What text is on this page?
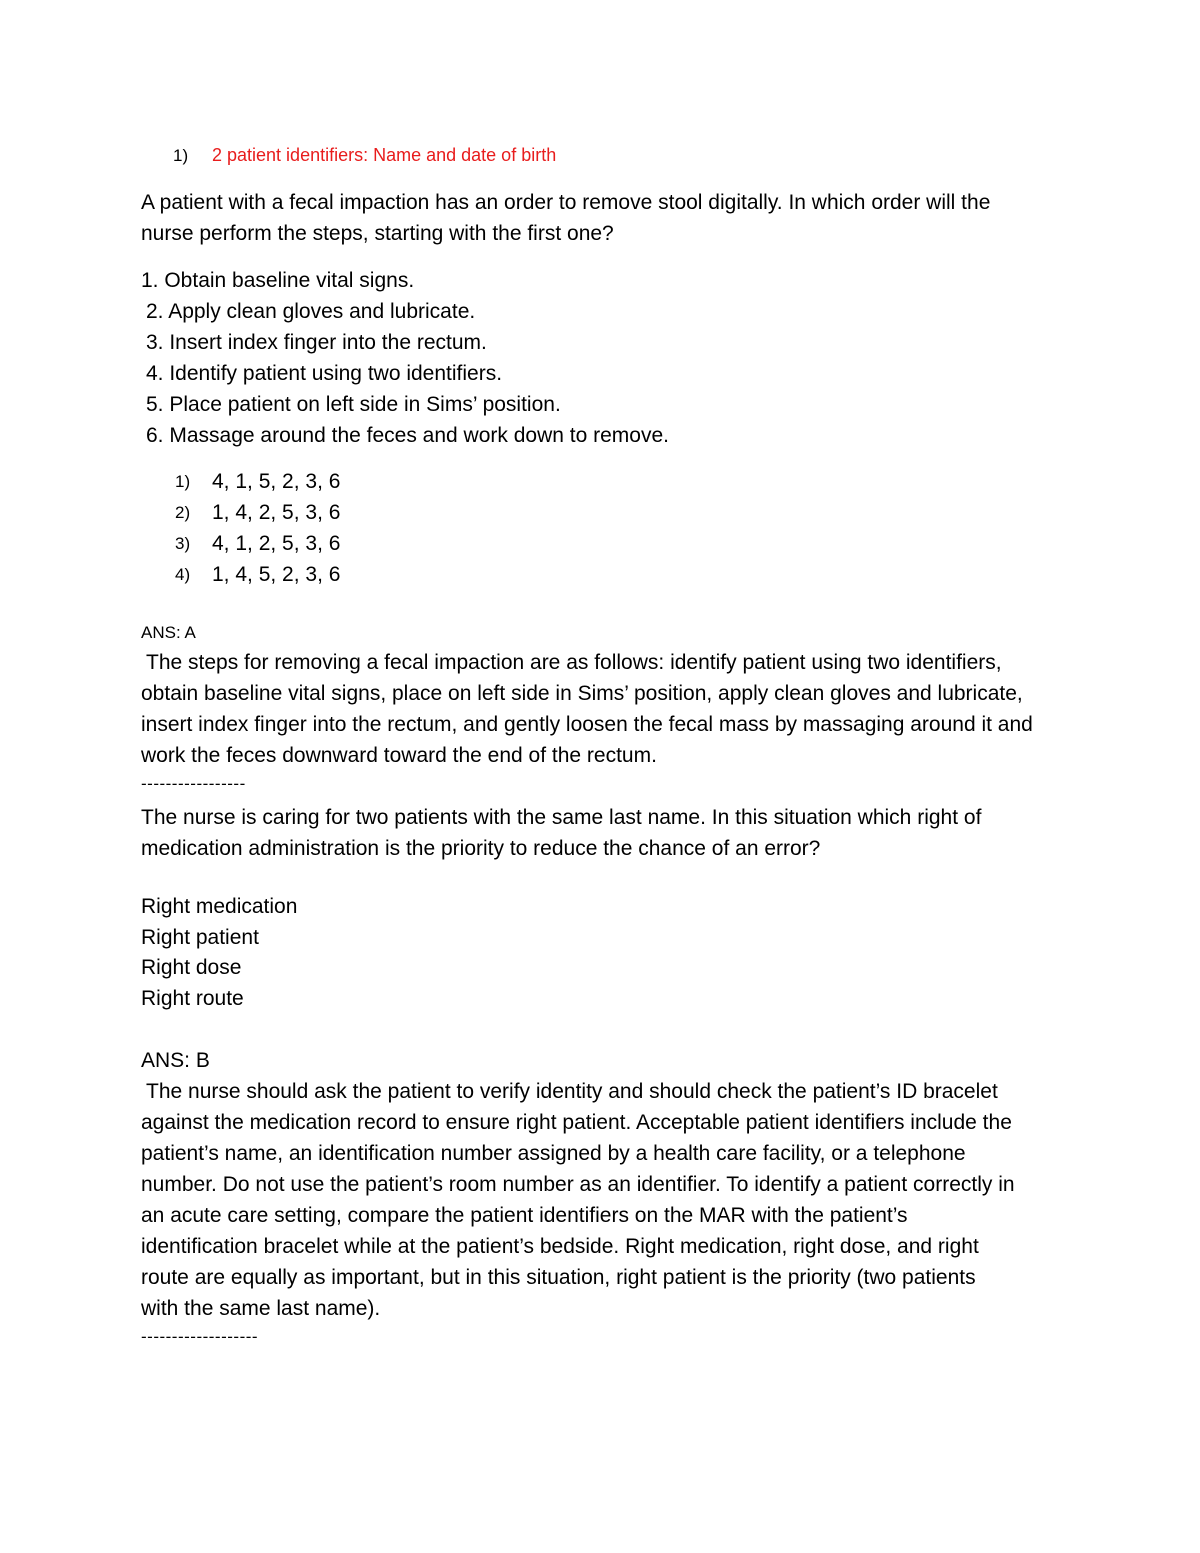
1) 2 patient identifiers: Name and date of birth
A patient with a fecal impaction has an order to remove stool digitally. In which order will the
nurse perform the steps, starting with the first one?
1. Obtain baseline vital signs.
2. Apply clean gloves and lubricate.
3. Insert index finger into the rectum.
4. Identify patient using two identifiers.
5. Place patient on left side in Sims’ position.
6. Massage around the feces and work down to remove.
1) 4, 1, 5, 2, 3, 6
2) 1, 4, 2, 5, 3, 6
3) 4, 1, 2, 5, 3, 6
4) 1, 4, 5, 2, 3, 6
ANS: A
The steps for removing a fecal impaction are as follows: identify patient using two identifiers,
obtain baseline vital signs, place on left side in Sims’ position, apply clean gloves and lubricate,
insert index finger into the rectum, and gently loosen the fecal mass by massaging around it and
work the feces downward toward the end of the rectum.
-----------------
The nurse is caring for two patients with the same last name. In this situation which right of
medication administration is the priority to reduce the chance of an error?
Right medication
Right patient
Right dose
Right route
ANS: B
The nurse should ask the patient to verify identity and should check the patient’s ID bracelet
against the medication record to ensure right patient. Acceptable patient identifiers include the
patient’s name, an identification number assigned by a health care facility, or a telephone
number. Do not use the patient’s room number as an identifier. To identify a patient correctly in
an acute care setting, compare the patient identifiers on the MAR with the patient’s
identification bracelet while at the patient’s bedside. Right medication, right dose, and right
route are equally as important, but in this situation, right patient is the priority (two patients
with the same last name).
-------------------
